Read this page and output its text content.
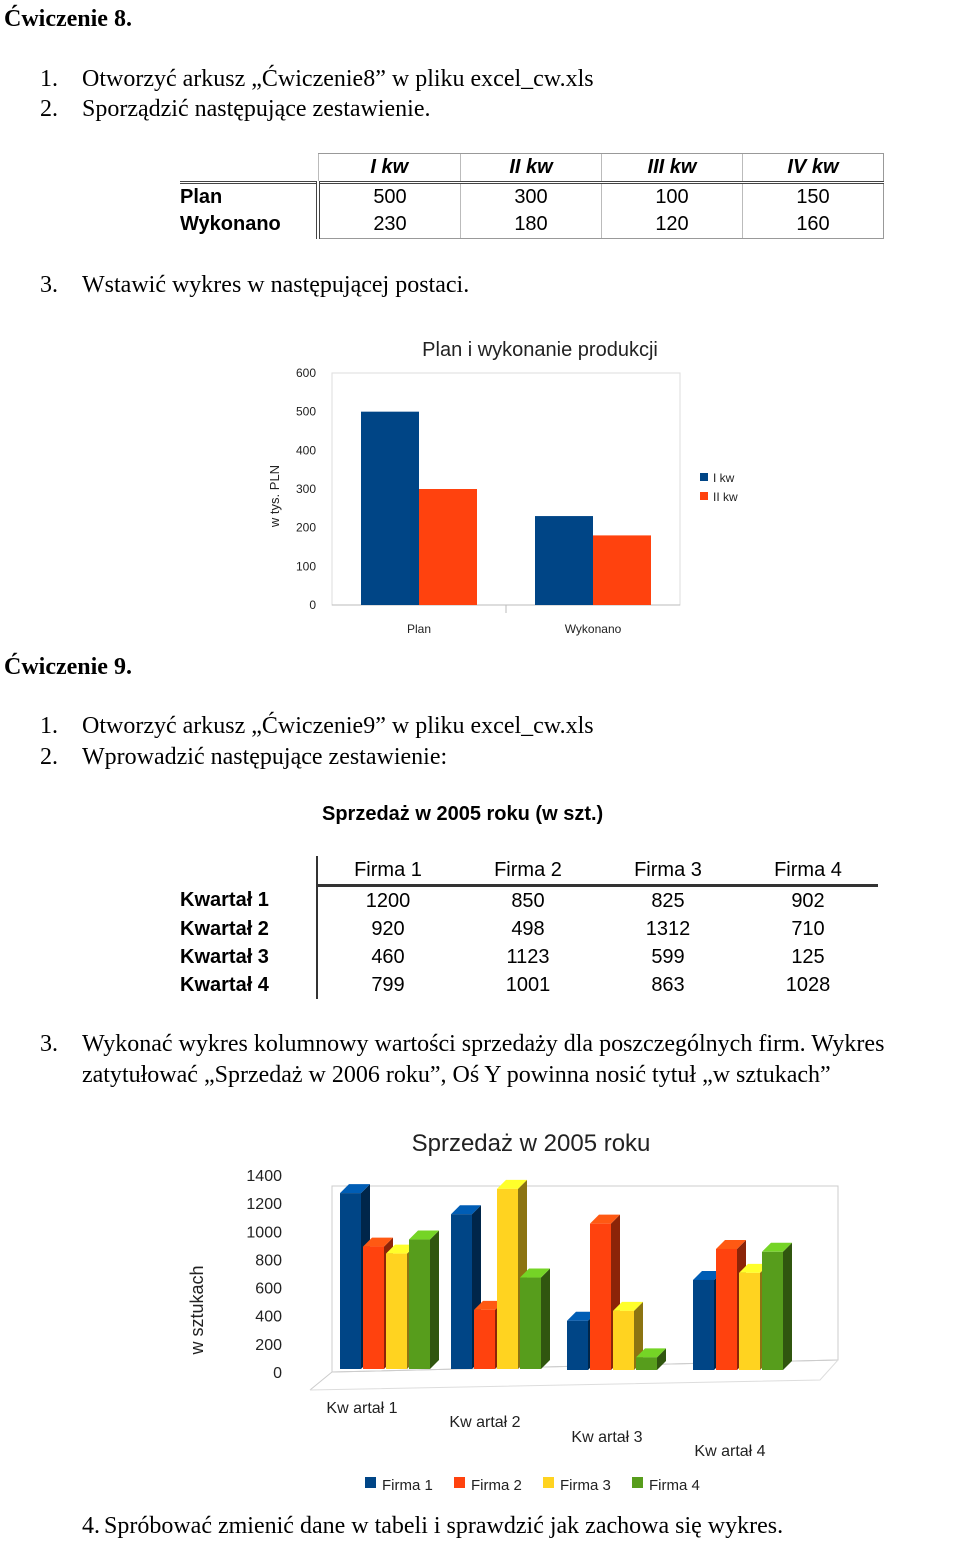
Ćwiczenie 8.
1. Otworzyć arkusz „Ćwiczenie8” w pliku excel_cw.xls
2. Sporządzić następujące zestawienie.
	I kw	II kw	III kw	IV kw
Plan	500	300	100	150
Wykonano	230	180	120	160
3. Wstawić wykres w następującej postaci.
Plan i wykonanie produkcji
w tys. PLN
0
100
200
300
400
500
600
Plan	Wykonano
I kw
II kw
Ćwiczenie 9.
1. Otworzyć arkusz „Ćwiczenie9” w pliku excel_cw.xls
2. Wprowadzić następujące zestawienie:
Sprzedaż w 2005 roku (w szt.)
	Firma 1	Firma 2	Firma 3	Firma 4
Kwartał 1	1200	850	825	902
Kwartał 2	920	498	1312	710
Kwartał 3	460	1123	599	125
Kwartał 4	799	1001	863	1028
3. Wykonać wykres kolumnowy wartości sprzedaży dla poszczególnych firm. Wykres
zatytułować „Sprzedaż w 2006 roku”, Oś Y powinna nosić tytuł „w sztukach”
Sprzedaż w 2005 roku
w sztukach
0
200
400
600
800
1000
1200
1400
Kw artał 1
Kw artał 2
Kw artał 3
Kw artał 4
Firma 1	Firma 2	Firma 3	Firma 4
4. Spróbować zmienić dane w tabeli i sprawdzić jak zachowa się wykres.
